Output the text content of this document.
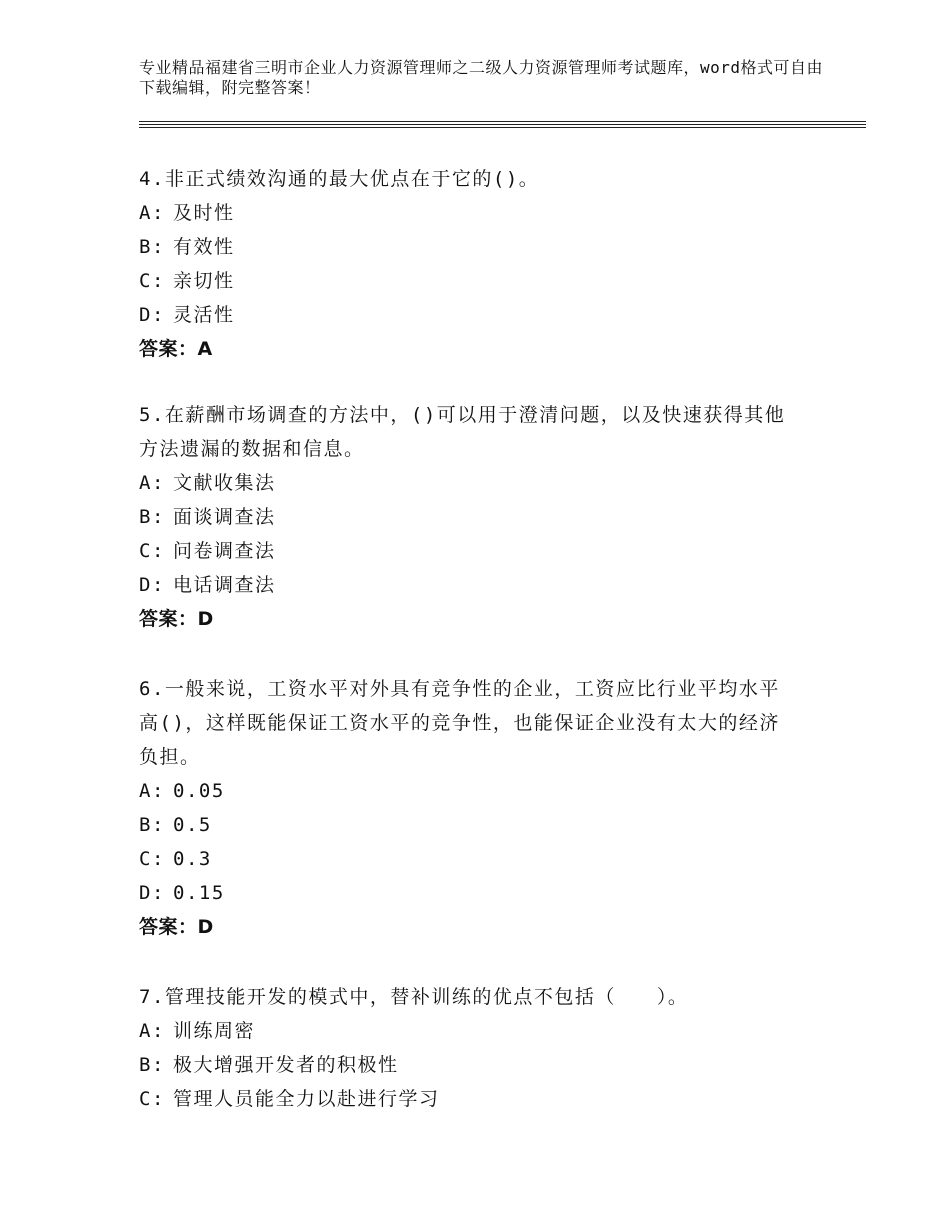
专业精品福建省三明市企业人力资源管理师之二级人力资源管理师考试题库，word格式可自由下载编辑，附完整答案！
4.非正式绩效沟通的最大优点在于它的()。
A: 及时性
B: 有效性
C: 亲切性
D: 灵活性
答案：A
5.在薪酬市场调查的方法中，()可以用于澄清问题，以及快速获得其他方法遗漏的数据和信息。
A: 文献收集法
B: 面谈调查法
C: 问卷调查法
D: 电话调查法
答案：D
6.一般来说，工资水平对外具有竞争性的企业，工资应比行业平均水平高()，这样既能保证工资水平的竞争性，也能保证企业没有太大的经济负担。
A: 0.05
B: 0.5
C: 0.3
D: 0.15
答案：D
7.管理技能开发的模式中，替补训练的优点不包括（　　）。
A: 训练周密
B: 极大增强开发者的积极性
C: 管理人员能全力以赴进行学习
